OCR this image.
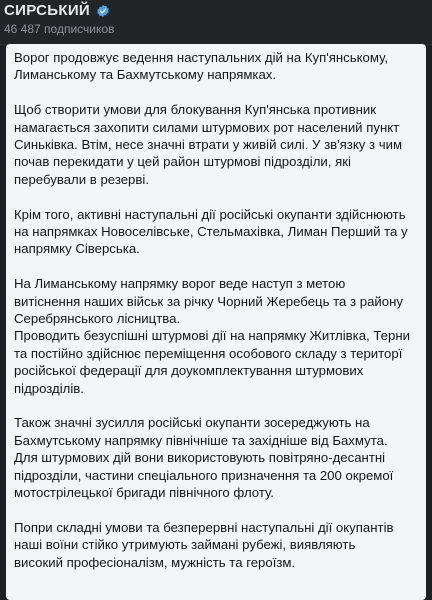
СИРСЬКИЙ
46 487 подписчиков

Ворог продовжує ведення наступальних дій на Куп'янському,
Лиманському та Бахмутському напрямках.

Щоб створити умови для блокування Куп'янська противник
намагається захопити силами штурмових рот населений пункт
Синьківка. Втім, несе значні втрати у живій силі. У зв'язку з чим
почав перекидати у цей район штурмові підрозділи, які
перебували в резерві.

Крім того, активні наступальні дії російські окупанти здійснюють
на напрямках Новоселівське, Стельмахівка, Лиман Перший та у
напрямку Сіверська.

На Лиманському напрямку ворог веде наступ з метою
витіснення наших військ за річку Чорний Жеребець та з району
Серебрянського лісництва.
Проводить безуспішні штурмові дії на напрямку Житлівка, Терни
та постійно здійснює переміщення особового складу з територї
російської федерації для доукомплектування штурмових
підрозділів.

Також значні зусилля російські окупанти зосереджують на
Бахмутському напрямку північніше та західніше від Бахмута.
Для штурмових дій вони використовують повітряно-десантні
підрозділи, частини спеціального призначення та 200 окремої
мотострілецької бригади північного флоту.

Попри складні умови та безперервні наступальні дії окупантів
наші воїни стійко утримують займані рубежі, виявляють
високий професіоналізм, мужність та героїзм.
